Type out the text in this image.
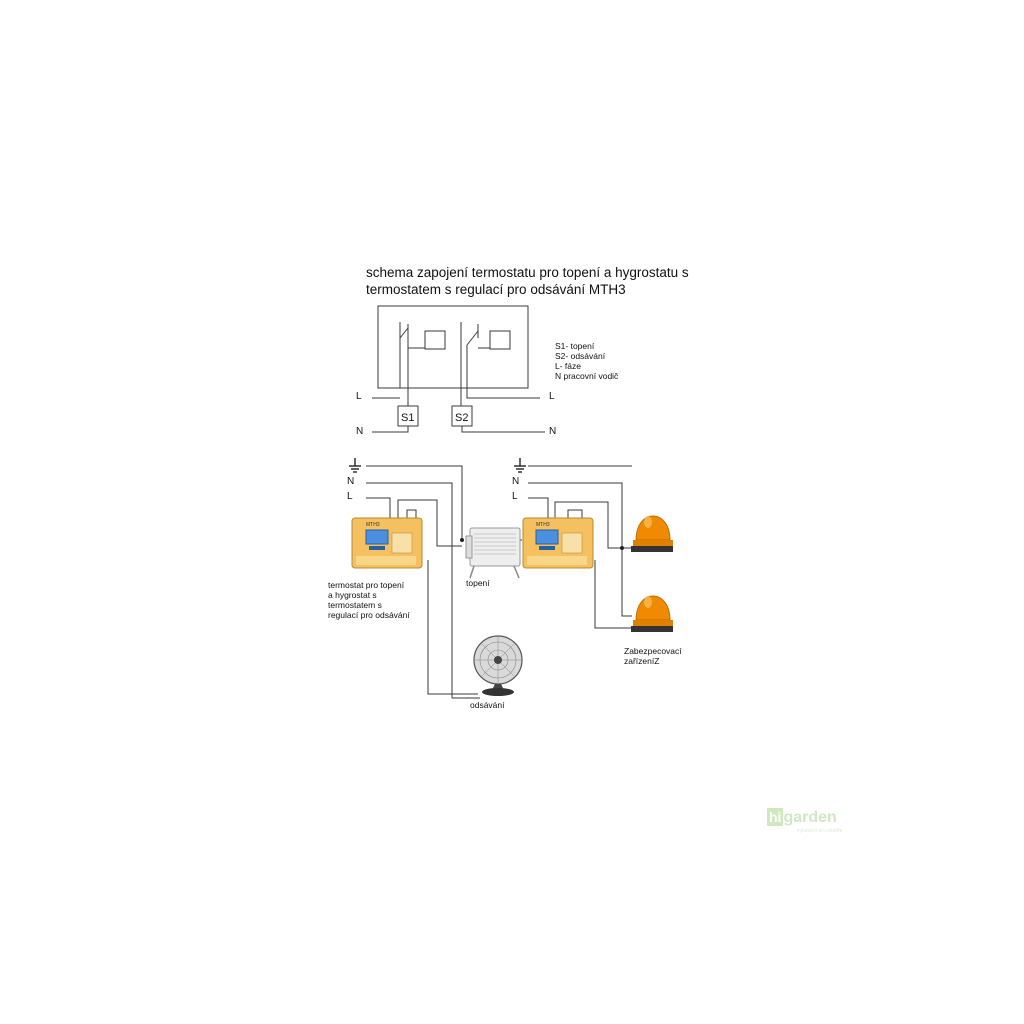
MTH3	MTH3
S1	S2
schema zapojení termostatu pro topení a hygrostatu s termostatem s regulací pro odsávání MTH3
S1- topení
S2- odsávání
L- fáze
N pracovní vodič
L
N
L
N
N
L
N
L
termostat pro topení a hygrostat s termostatem s regulací pro odsávání
topení
odsávání
Zabezpecovací zařízeníZ
hi garden
vybavení pro pěstíře
